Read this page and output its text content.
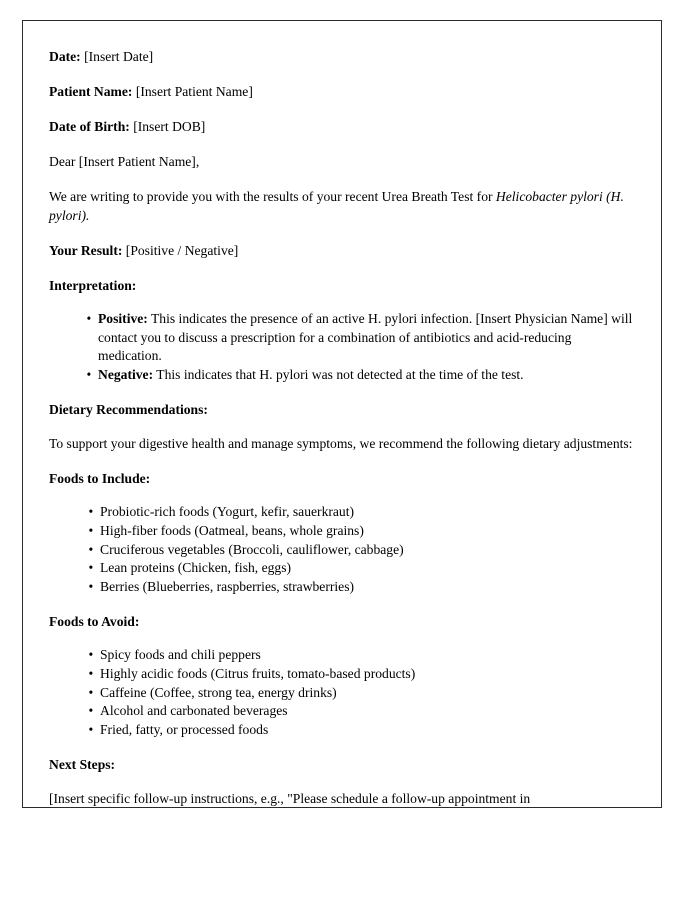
Date: [Insert Date]

Patient Name: [Insert Patient Name]

Date of Birth: [Insert DOB]

Dear [Insert Patient Name],

We are writing to provide you with the results of your recent Urea Breath Test for Helicobacter pylori (H. pylori).

Your Result: [Positive / Negative]

Interpretation:
• Positive: This indicates the presence of an active H. pylori infection. [Insert Physician Name] will contact you to discuss a prescription for a combination of antibiotics and acid-reducing medication.
• Negative: This indicates that H. pylori was not detected at the time of the test.
Dietary Recommendations:

To support your digestive health and manage symptoms, we recommend the following dietary adjustments:

Foods to Include:
• Probiotic-rich foods (Yogurt, kefir, sauerkraut)
• High-fiber foods (Oatmeal, beans, whole grains)
• Cruciferous vegetables (Broccoli, cauliflower, cabbage)
• Lean proteins (Chicken, fish, eggs)
• Berries (Blueberries, raspberries, strawberries)
Foods to Avoid:
• Spicy foods and chili peppers
• Highly acidic foods (Citrus fruits, tomato-based products)
• Caffeine (Coffee, strong tea, energy drinks)
• Alcohol and carbonated beverages
• Fried, fatty, or processed foods
Next Steps:

[Insert specific follow-up instructions, e.g., "Please schedule a follow-up appointment in
